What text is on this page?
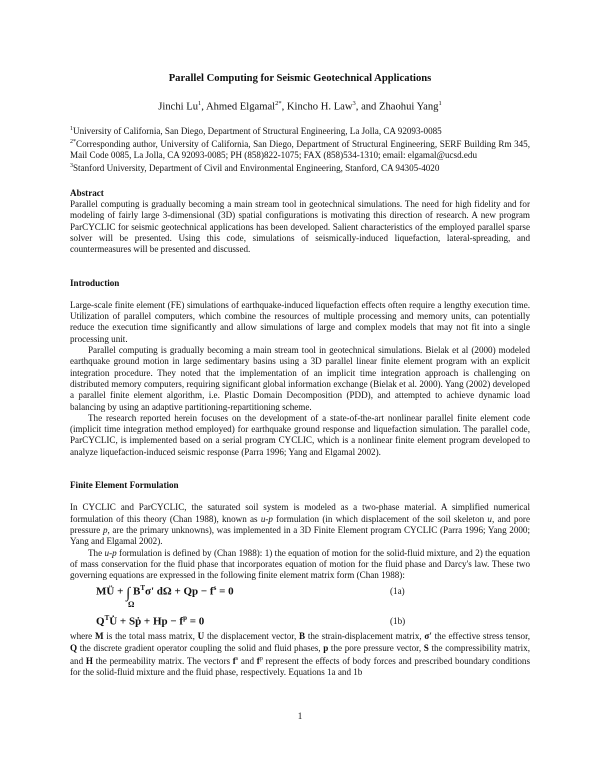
Parallel Computing for Seismic Geotechnical Applications

Jinchi Lu$^1$, Ahmed Elgamal$^{2*}$, Kincho H. Law$^3$, and Zhaohui Yang$^1$

$^1$University of California, San Diego, Department of Structural Engineering, La Jolla, CA 92093-0085

$^{2*}$Corresponding author, University of California, San Diego, Department of Structural Engineering, SERF Building Rm 345, Mail Code 0085, La Jolla, CA 92093-0085; PH (858)822-1075; FAX (858)534-1310; email: elgamal@ucsd.edu

$^3$Stanford University, Department of Civil and Environmental Engineering, Stanford, CA 94305-4020

Abstract

Parallel computing is gradually becoming a main stream tool in geotechnical simulations. The need for high fidelity and for modeling of fairly large 3-dimensional (3D) spatial configurations is motivating this direction of research. A new program ParCYCLIC for seismic geotechnical applications has been developed. Salient characteristics of the employed parallel sparse solver will be presented. Using this code, simulations of seismically-induced liquefaction, lateral-spreading, and countermeasures will be presented and discussed.

Introduction

Large-scale finite element (FE) simulations of earthquake-induced liquefaction effects often require a lengthy execution time. Utilization of parallel computers, which combine the resources of multiple processing and memory units, can potentially reduce the execution time significantly and allow simulations of large and complex models that may not fit into a single processing unit.

Parallel computing is gradually becoming a main stream tool in geotechnical simulations. Bielak et al (2000) modeled earthquake ground motion in large sedimentary basins using a 3D parallel linear finite element program with an explicit integration procedure. They noted that the implementation of an implicit time integration approach is challenging on distributed memory computers, requiring significant global information exchange (Bielak et al. 2000). Yang (2002) developed a parallel finite element algorithm, i.e. Plastic Domain Decomposition (PDD), and attempted to achieve dynamic load balancing by using an adaptive partitioning-repartitioning scheme.

The research reported herein focuses on the development of a state-of-the-art nonlinear parallel finite element code (implicit time integration method employed) for earthquake ground response and liquefaction simulation. The parallel code, ParCYCLIC, is implemented based on a serial program CYCLIC, which is a nonlinear finite element program developed to analyze liquefaction-induced seismic response (Parra 1996; Yang and Elgamal 2002).

Finite Element Formulation

In CYCLIC and ParCYCLIC, the saturated soil system is modeled as a two-phase material. A simplified numerical formulation of this theory (Chan 1988), known as u-p formulation (in which displacement of the soil skeleton u, and pore pressure p, are the primary unknowns), was implemented in a 3D Finite Element program CYCLIC (Parra 1996; Yang 2000; Yang and Elgamal 2002).

The u-p formulation is defined by (Chan 1988): 1) the equation of motion for the solid-fluid mixture, and 2) the equation of mass conservation for the fluid phase that incorporates equation of motion for the fluid phase and Darcy's law. These two governing equations are expressed in the following finite element matrix form (Chan 1988):

MÜ + ∫ $B^T\sigma'$ $d\Omega + Qp - f^s = 0$
Ω
(1a)
$Q^TU̇$ + Sṗ + $Hp - f^p = 0$	(1b)

where M is the total mass matrix, U the displacement vector, B the strain-displacement matrix, σ' the effective stress tensor, Q the discrete gradient operator coupling the solid and fluid phases, p the pore pressure vector, S the compressibility matrix, and H the permeability matrix. The vectors $f^s$ and $f^p$ represent the effects of body forces and prescribed boundary conditions for the solid-fluid mixture and the fluid phase, respectively. Equations 1a and 1b

1
